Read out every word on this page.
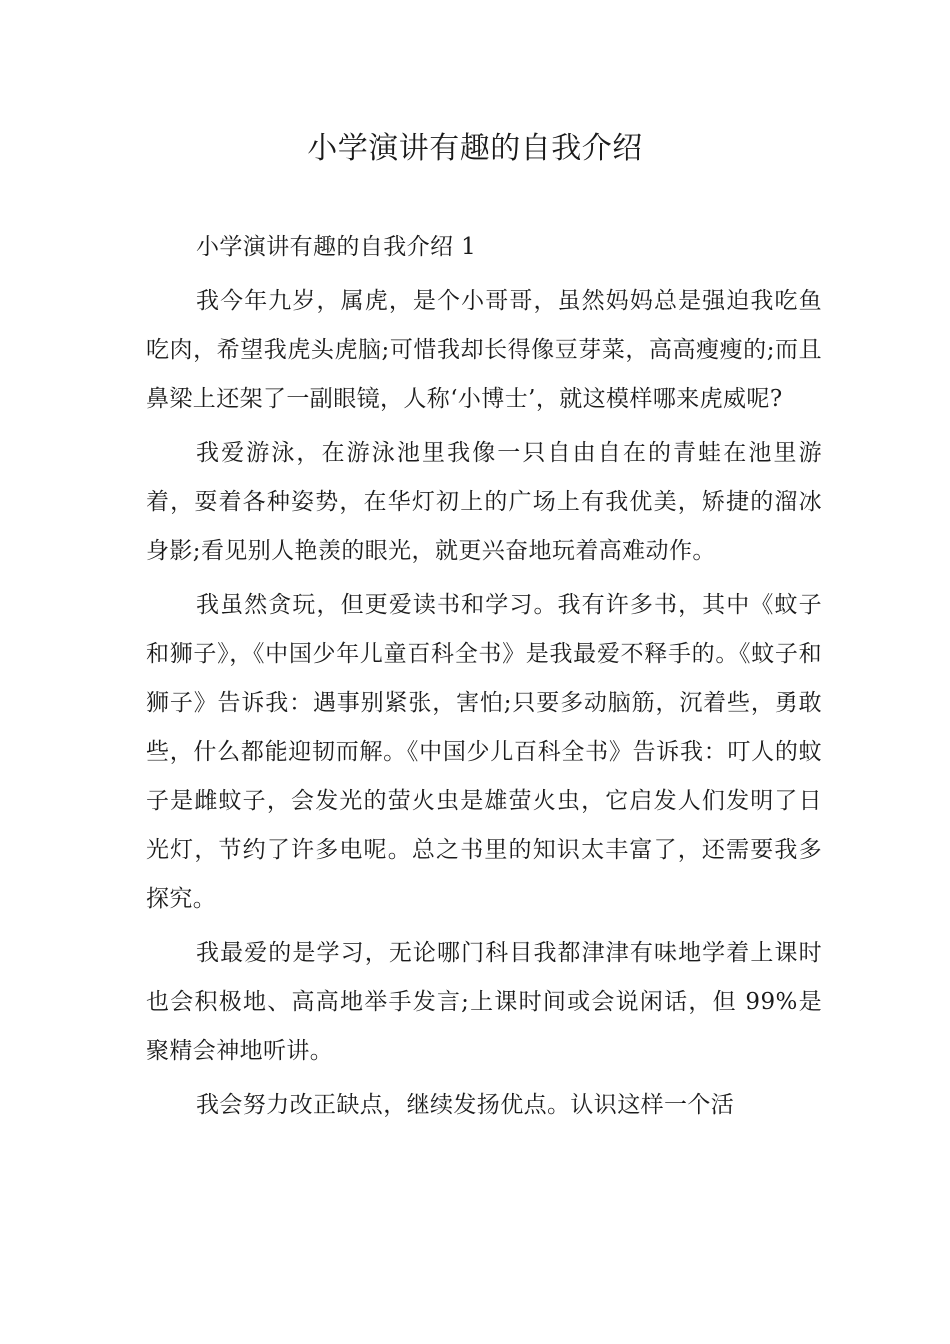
小学演讲有趣的自我介绍

小学演讲有趣的自我介绍 1

我今年九岁，属虎，是个小哥哥，虽然妈妈总是强迫我吃鱼吃肉，希望我虎头虎脑;可惜我却长得像豆芽菜，高高瘦瘦的;而且鼻梁上还架了一副眼镜，人称‘小博士’，就这模样哪来虎威呢?

我爱游泳，在游泳池里我像一只自由自在的青蛙在池里游着，耍着各种姿势，在华灯初上的广场上有我优美，矫捷的溜冰身影;看见别人艳羡的眼光，就更兴奋地玩着高难动作。

我虽然贪玩，但更爱读书和学习。我有许多书，其中《蚊子和狮子》，《中国少年儿童百科全书》是我最爱不释手的。《蚊子和狮子》告诉我：遇事别紧张，害怕;只要多动脑筋，沉着些，勇敢些，什么都能迎韧而解。《中国少儿百科全书》告诉我：叮人的蚊子是雌蚊子，会发光的萤火虫是雄萤火虫，它启发人们发明了日光灯，节约了许多电呢。总之书里的知识太丰富了，还需要我多探究。

我最爱的是学习，无论哪门科目我都津津有味地学着上课时也会积极地、高高地举手发言;上课时间或会说闲话，但 99%是聚精会神地听讲。

我会努力改正缺点，继续发扬优点。认识这样一个活
